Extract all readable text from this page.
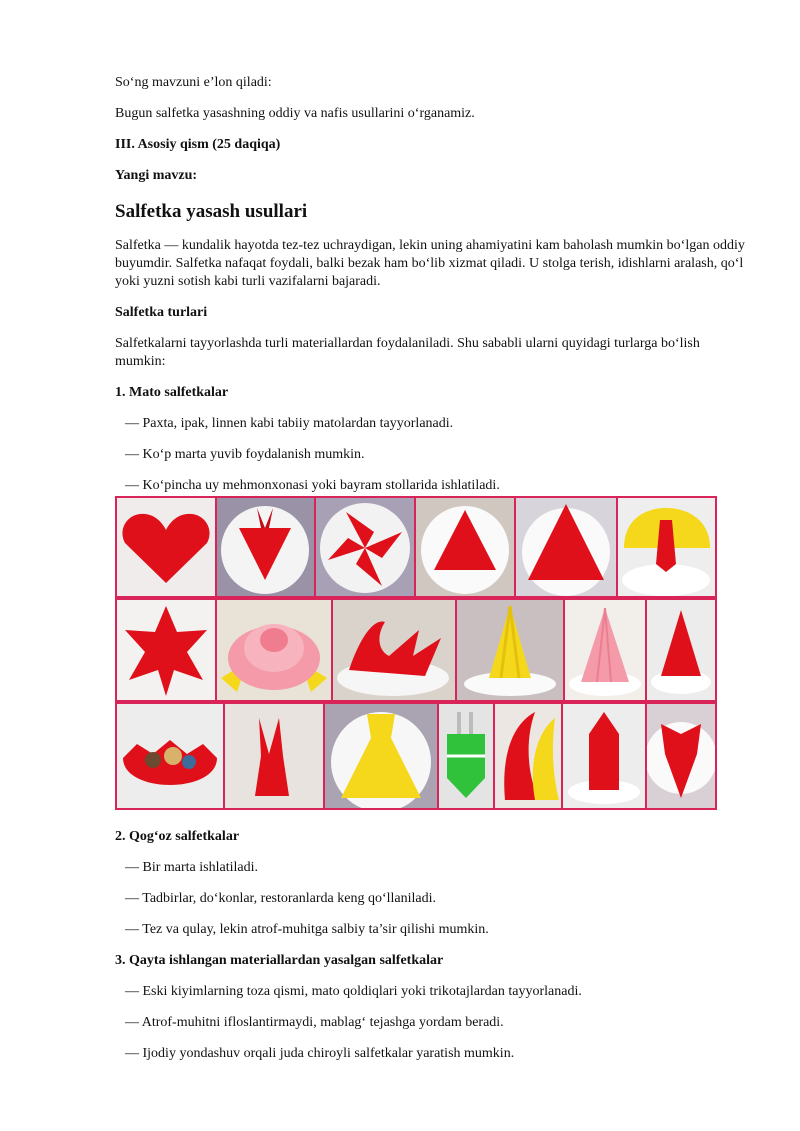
So‘ng mavzuni e’lon qiladi:

Bugun salfetka yasashning oddiy va nafis usullarini o‘rganamiz.

III. Asosiy qism (25 daqiqa)

Yangi mavzu:

Salfetka yasash usullari

Salfetka — kundalik hayotda tez-tez uchraydigan, lekin uning ahamiyatini kam baholash mumkin bo‘lgan oddiy buyumdir. Salfetka nafaqat foydali, balki bezak ham bo‘lib xizmat qiladi. U stolga terish, idishlarni aralash, qo‘l yoki yuzni sotish kabi turli vazifalarni bajaradi.

Salfetka turlari

Salfetkalarni tayyorlashda turli materiallardan foydalaniladi. Shu sababli ularni quyidagi turlarga bo‘lish mumkin:

1. Mato salfetkalar

— Paxta, ipak, linnen kabi tabiiy matolardan tayyorlanadi.

— Ko‘p marta yuvib foydalanish mumkin.

— Ko‘pincha uy mehmonxonasi yoki bayram stollarida ishlatiladi.

2. Qog‘oz salfetkalar

— Bir marta ishlatiladi.

— Tadbirlar, do‘konlar, restoranlarda keng qo‘llaniladi.

— Tez va qulay, lekin atrof-muhitga salbiy ta’sir qilishi mumkin.

3. Qayta ishlangan materiallardan yasalgan salfetkalar

— Eski kiyimlarning toza qismi, mato qoldiqlari yoki trikotajlardan tayyorlanadi.

— Atrof-muhitni ifloslantirmaydi, mablag‘ tejashga yordam beradi.

— Ijodiy yondashuv orqali juda chiroyli salfetkalar yaratish mumkin.
